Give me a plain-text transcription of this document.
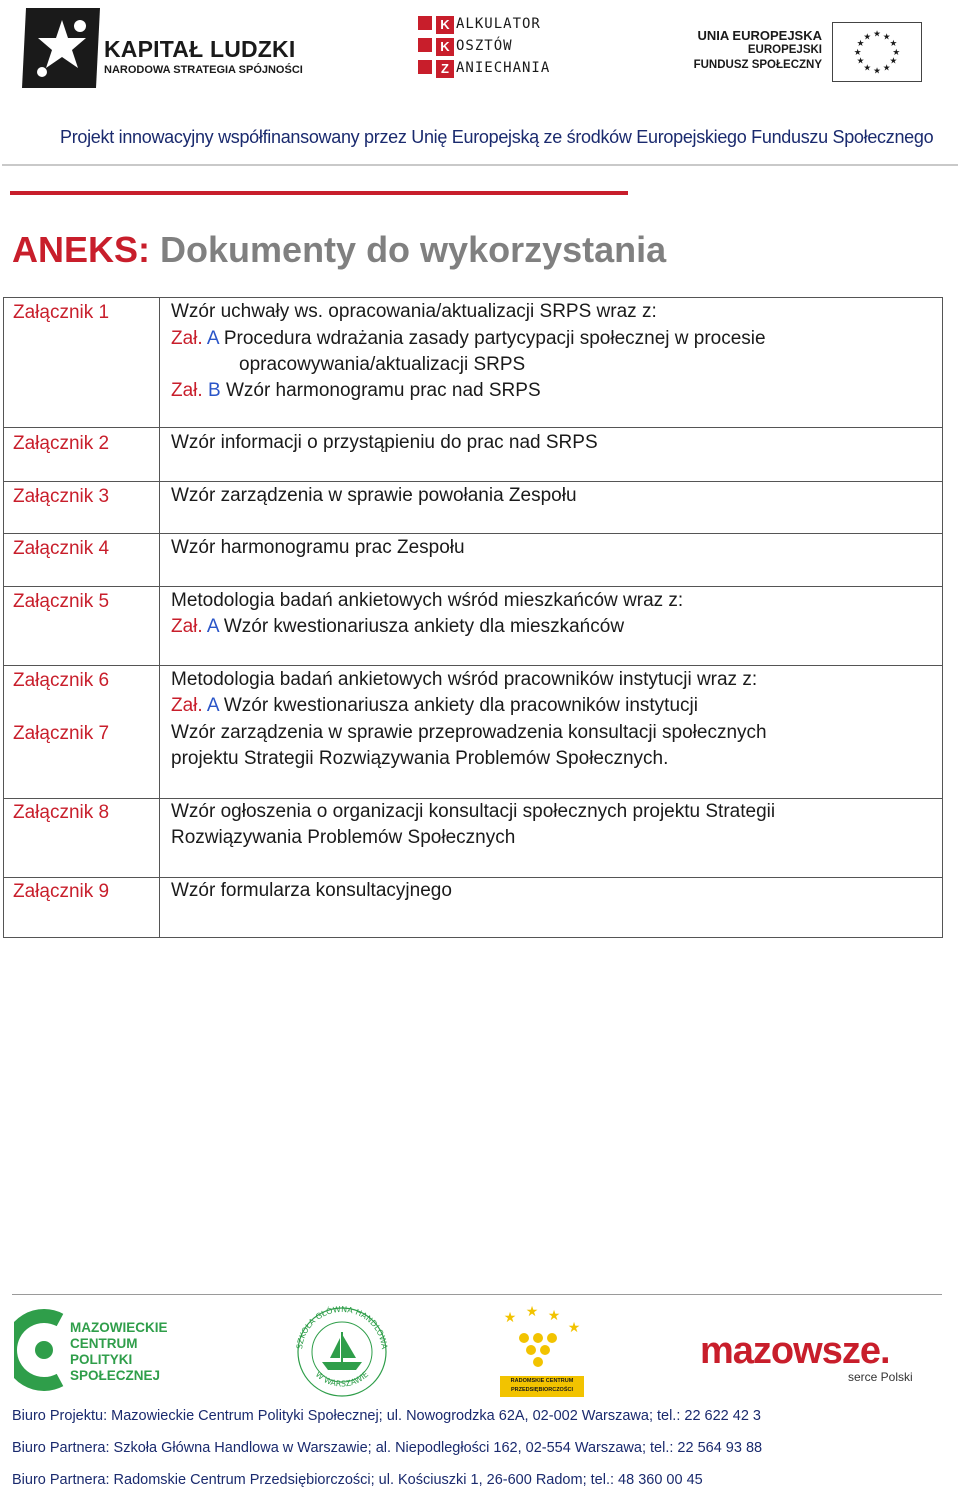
KAPITAŁ LUDZKI
NARODOWA STRATEGIA SPÓJNOŚCI
K
K
Z
ALKULATOR
OSZTÓW
ANIECHANIA
UNIA EUROPEJSKA
EUROPEJSKI
FUNDUSZ SPOŁECZNY
★ ★
★
★
★
★
★
★
★
★
★
★
Projekt innowacyjny współfinansowany przez Unię Europejską ze środków Europejskiego Funduszu Społecznego
ANEKS: Dokumenty do wykorzystania
Załącznik 1
Załącznik 2
Załącznik 3
Załącznik 4
Załącznik 5
Załącznik 6
Załącznik 7
Załącznik 8
Załącznik 9
Wzór uchwały ws. opracowania/aktualizacji SRPS wraz z:
Zał. A Procedura wdrażania zasady partycypacji społecznej w procesie
opracowywania/aktualizacji SRPS
Zał. B Wzór harmonogramu prac nad SRPS
Wzór informacji o przystąpieniu do prac nad SRPS
Wzór zarządzenia w sprawie powołania Zespołu
Wzór harmonogramu prac Zespołu
Metodologia badań ankietowych wśród mieszkańców wraz z:
Zał. A Wzór kwestionariusza ankiety dla mieszkańców
Metodologia badań ankietowych wśród pracowników instytucji wraz z:
Zał. A Wzór kwestionariusza ankiety dla pracowników instytucji
Wzór zarządzenia w sprawie przeprowadzenia konsultacji społecznych
projektu Strategii Rozwiązywania Problemów Społecznych.
Wzór ogłoszenia o organizacji konsultacji społecznych projektu Strategii
Rozwiązywania Problemów Społecznych
Wzór formularza konsultacyjnego
MAZOWIECKIE
CENTRUM
POLITYKI
SPOŁECZNEJ
SZKOŁA GŁÓWNA HANDLOWA
W WARSZAWIE
★ ★ ★
★
RADOMSKIE CENTRUM
PRZEDSIĘBIORCZOŚCI
mazowsze.
serce Polski
Biuro Projektu: Mazowieckie Centrum Polityki Społecznej; ul. Nowogrodzka 62A, 02-002 Warszawa; tel.: 22 622 42 3
Biuro Partnera: Szkoła Główna Handlowa w Warszawie; al. Niepodległości 162, 02-554 Warszawa; tel.: 22 564 93 88
Biuro Partnera: Radomskie Centrum Przedsiębiorczości; ul. Kościuszki 1, 26-600 Radom; tel.: 48 360 00 45
